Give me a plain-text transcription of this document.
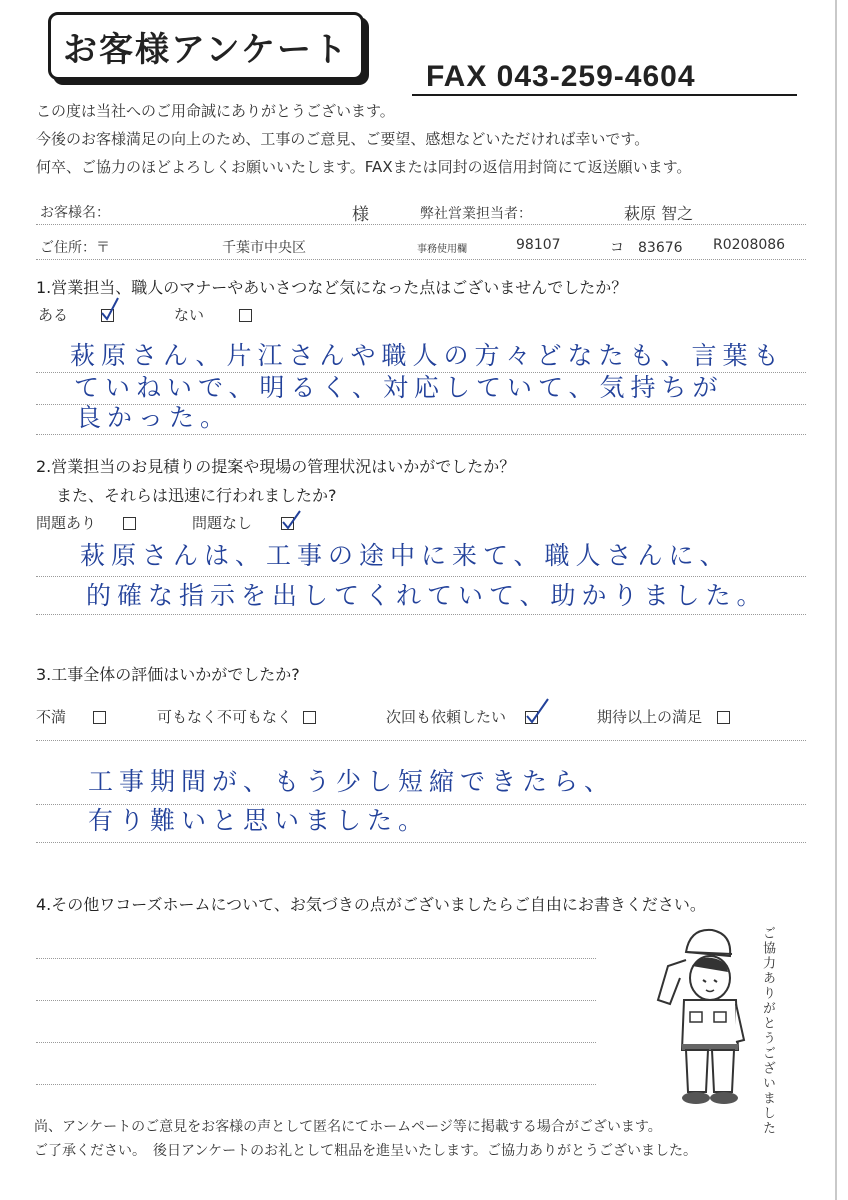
お客様アンケート
FAX 043-259-4604
この度は当社へのご用命誠にありがとうございます。
今後のお客様満足の向上のため、工事のご意見、ご要望、感想などいただければ幸いです。
何卒、ご協力のほどよろしくお願いいたします。FAXまたは同封の返信用封筒にて返送願います。
お客様名：	様	弊社営業担当者：	萩原 智之
ご住所：〒	千葉市中央区	事務使用欄	98107	コ　83676 R0208086
1.営業担当、職人のマナーやあいさつなど気になった点はございませんでしたか？
ある	ない
萩原さん、片江さんや職人の方々どなたも、言葉も
ていねいで、明るく、対応していて、気持ちが
良かった。
2.営業担当のお見積りの提案や現場の管理状況はいかがでしたか？
また、それらは迅速に行われましたか?
問題あり	問題なし
萩原さんは、工事の途中に来て、職人さんに、
的確な指示を出してくれていて、助かりました。
3.工事全体の評価はいかがでしたか?
不満	可もなく不可もなく	次回も依頼したい	期待以上の満足
工事期間が、もう少し短縮できたら、
有り難いと思いました。
4.その他ワコーズホームについて、お気づきの点がございましたらご自由にお書きください。
ご協力ありがとうございました
尚、アンケートのご意見をお客様の声として匿名にてホームページ等に掲載する場合がございます。
ご了承ください。　後日アンケートのお礼として粗品を進呈いたします。ご協力ありがとうございました。
